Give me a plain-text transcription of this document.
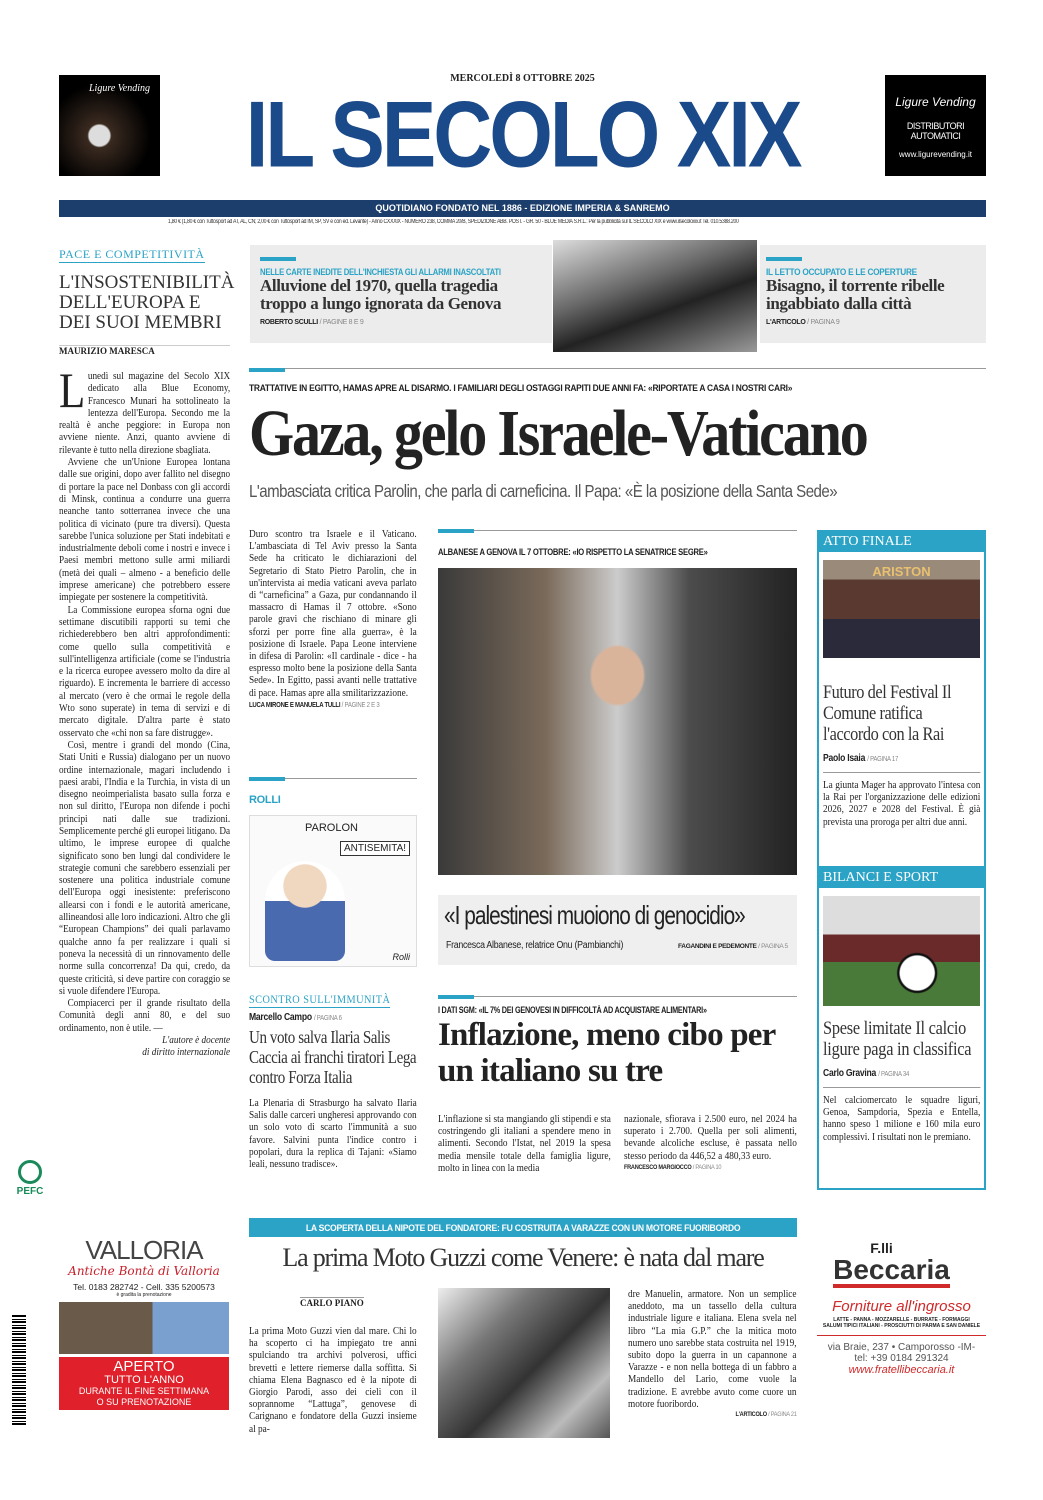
Ligure Vending
Ligure Vending
DISTRIBUTORI AUTOMATICI
www.ligurevending.it
MERCOLEDÌ 8 OTTOBRE 2025
IL SECOLO XIX
QUOTIDIANO FONDATO NEL 1886 - EDIZIONE IMPERIA & SANREMO
1,80 € (1,80 € con Tuttosport ad AT, AL, CN; 2,00 € con Tuttosport ad IM, SP, SV e con ed. Levante) - Anno CXXXIX - NUMERO 238, COMMA 20/B, SPEDIZIONE ABB. POST. - GR. 50 - BLUE MEDIA S.R.L.: Per la pubblicità sul IL SECOLO XIX e www.ilsecoloxix.it Tel. 010.5388.200
PACE E COMPETITIVITÀ
L'INSOSTENIBILITÀ DELL'EUROPA E DEI SUOI MEMBRI
MAURIZIO MARESCA
L unedì sul magazine del Secolo XIX dedicato alla Blue Economy, Francesco Munari ha sottolineato la lentezza dell'Europa. Secondo me la realtà è anche peggiore: in Europa non avviene niente. Anzi, quanto avviene di rilevante è tutto nella direzione sbagliata.

Avviene che un'Unione Europea lontana dalle sue origini, dopo aver fallito nel disegno di portare la pace nel Donbass con gli accordi di Minsk, continua a condurre una guerra neanche tanto sotterranea invece che una politica di vicinato (pure tra diversi). Questa sarebbe l'unica soluzione per Stati indebitati e industrialmente deboli come i nostri e invece i Paesi membri mettono sulle armi miliardi (metà dei quali – almeno - a beneficio delle imprese americane) che potrebbero essere impiegate per sostenere la competitività.

La Commissione europea sforna ogni due settimane discutibili rapporti su temi che richiederebbero ben altri approfondimenti: come quello sulla competitività e sull'intelligenza artificiale (come se l'industria e la ricerca europee avessero molto da dire al riguardo). E incrementa le barriere di accesso al mercato (vero è che ormai le regole della Wto sono superate) in tema di servizi e di mercato digitale. D'altra parte è stato osservato che «chi non sa fare distrugge».

Così, mentre i grandi del mondo (Cina, Stati Uniti e Russia) dialogano per un nuovo ordine internazionale, magari includendo i paesi arabi, l'India e la Turchia, in vista di un disegno neoimperialista basato sulla forza e non sul diritto, l'Europa non difende i pochi principi nati dalle sue tradizioni. Semplicemente perché gli europei litigano. Da ultimo, le imprese europee di qualche significato sono ben lungi dal condividere le strategie comuni che sarebbero essenziali per sostenere una politica industriale comune dell'Europa oggi inesistente: preferiscono allearsi con i fondi e le autorità americane, allineandosi alle loro indicazioni. Altro che gli “European Champions” dei quali parlavamo qualche anno fa per realizzare i quali si poneva la necessità di un rinnovamento delle norme sulla concorrenza! Da qui, credo, da queste criticità, si deve partire con coraggio se si vuole difendere l'Europa.

Compiacerci per il grande risultato della Comunità degli anni 80, e del suo ordinamento, non è utile. —

L'autore è docente

di diritto internazionale

PEFC
NELLE CARTE INEDITE DELL'INCHIESTA GLI ALLARMI INASCOLTATI
Alluvione del 1970, quella tragedia troppo a lungo ignorata da Genova
ROBERTO SCULLI / PAGINE 8 E 9
IL LETTO OCCUPATO E LE COPERTURE
Bisagno, il torrente ribelle ingabbiato dalla città
L'ARTICOLO / PAGINA 9
TRATTATIVE IN EGITTO, HAMAS APRE AL DISARMO. I FAMILIARI DEGLI OSTAGGI RAPITI DUE ANNI FA: «RIPORTATE A CASA I NOSTRI CARI»
Gaza, gelo Israele-Vaticano
L'ambasciata critica Parolin, che parla di carneficina. Il Papa: «È la posizione della Santa Sede»

Duro scontro tra Israele e il Vaticano. L'ambasciata di Tel Aviv presso la Santa Sede ha criticato le dichiarazioni del Segretario di Stato Pietro Parolin, che in un'intervista ai media vaticani aveva parlato di “carneficina” a Gaza, pur condannando il massacro di Hamas il 7 ottobre. «Sono parole gravi che rischiano di minare gli sforzi per porre fine alla guerra», è la posizione di Israele. Papa Leone interviene in difesa di Parolin: «Il cardinale - dice - ha espresso molto bene la posizione della Santa Sede». In Egitto, passi avanti nelle trattative di pace. Hamas apre alla smilitarizzazione.

LUCA MIRONE E MANUELA TULLI / PAGINE 2 E 3
ROLLI
PAROLON
ANTISEMITA!
Rolli
SCONTRO SULL'IMMUNITÀ
Marcello Campo / PAGINA 6
Un voto salva Ilaria Salis Caccia ai franchi tiratori Lega contro Forza Italia

La Plenaria di Strasburgo ha salvato Ilaria Salis dalle carceri ungheresi approvando con un solo voto di scarto l'immunità a suo favore. Salvini punta l'indice contro i popolari, dura la replica di Tajani: «Siamo leali, nessuno tradisce».

ALBANESE A GENOVA IL 7 OTTOBRE: «IO RISPETTO LA SENATRICE SEGRE»
«I palestinesi muoiono di genocidio»
Francesca Albanese, relatrice Onu (Pambianchi)	FAGANDINI E PEDEMONTE / PAGINA 5
I DATI SGM: «IL 7% DEI GENOVESI IN DIFFICOLTÀ AD ACQUISTARE ALIMENTARI»
Inflazione, meno cibo per un italiano su tre

L'inflazione si sta mangiando gli stipendi e sta costringendo gli italiani a spendere meno in alimenti. Secondo l'Istat, nel 2019 la spesa media mensile totale della famiglia ligure, molto in linea con la media

nazionale, sfiorava i 2.500 euro, nel 2024 ha superato i 2.700. Quella per soli alimenti, bevande alcoliche escluse, è passata nello stesso periodo da 446,52 a 480,33 euro.

FRANCESCO MARGIOCCO / PAGINA 10
ATTO FINALE
ARISTON
Futuro del Festival Il Comune ratifica l'accordo con la Rai
Paolo Isaia / PAGINA 17

La giunta Mager ha approvato l'intesa con la Rai per l'organizzazione delle edizioni 2026, 2027 e 2028 del Festival. È già prevista una proroga per altri due anni.

BILANCI E SPORT
Spese limitate Il calcio ligure paga in classifica
Carlo Gravina / PAGINA 34

Nel calciomercato le squadre liguri, Genoa, Sampdoria, Spezia e Entella, hanno speso 1 milione e 160 mila euro complessivi. I risultati non le premiano.

LA SCOPERTA DELLA NIPOTE DEL FONDATORE: FU COSTRUITA A VARAZZE CON UN MOTORE FUORIBORDO
La prima Moto Guzzi come Venere: è nata dal mare
CARLO PIANO

La prima Moto Guzzi vien dal mare. Chi lo ha scoperto ci ha impiegato tre anni spulciando tra archivi polverosi, uffici brevetti e lettere riemerse dalla soffitta. Si chiama Elena Bagnasco ed è la nipote di Giorgio Parodi, asso dei cieli con il soprannome “Lattuga”, genovese di Carignano e fondatore della Guzzi insieme al pa-

dre Manuelin, armatore. Non un semplice aneddoto, ma un tassello della cultura industriale ligure e italiana. Elena svela nel libro “La mia G.P.” che la mitica moto numero uno sarebbe stata costruita nel 1919, subito dopo la guerra in un capannone a Varazze - e non nella bottega di un fabbro a Mandello del Lario, come vuole la tradizione. E avrebbe avuto come cuore un motore fuoribordo.

L'ARTICOLO / PAGINA 21
VALLORIA
Antiche Bontà di Valloria
Tel. 0183 282742 - Cell. 335 5200573
è gradita la prenotazione
APERTO
TUTTO L'ANNO
DURANTE IL FINE SETTIMANA
O SU PRENOTAZIONE
F.lli
Beccaria
Forniture all'ingrosso
LATTE - PANNA - MOZZARELLE - BURRATE - FORMAGGI
SALUMI TIPICI ITALIANI - PROSCIUTTI DI PARMA E SAN DANIELE
via Braie, 237 • Camporosso -IM-
tel: +39 0184 291324
www.fratellibeccaria.it
